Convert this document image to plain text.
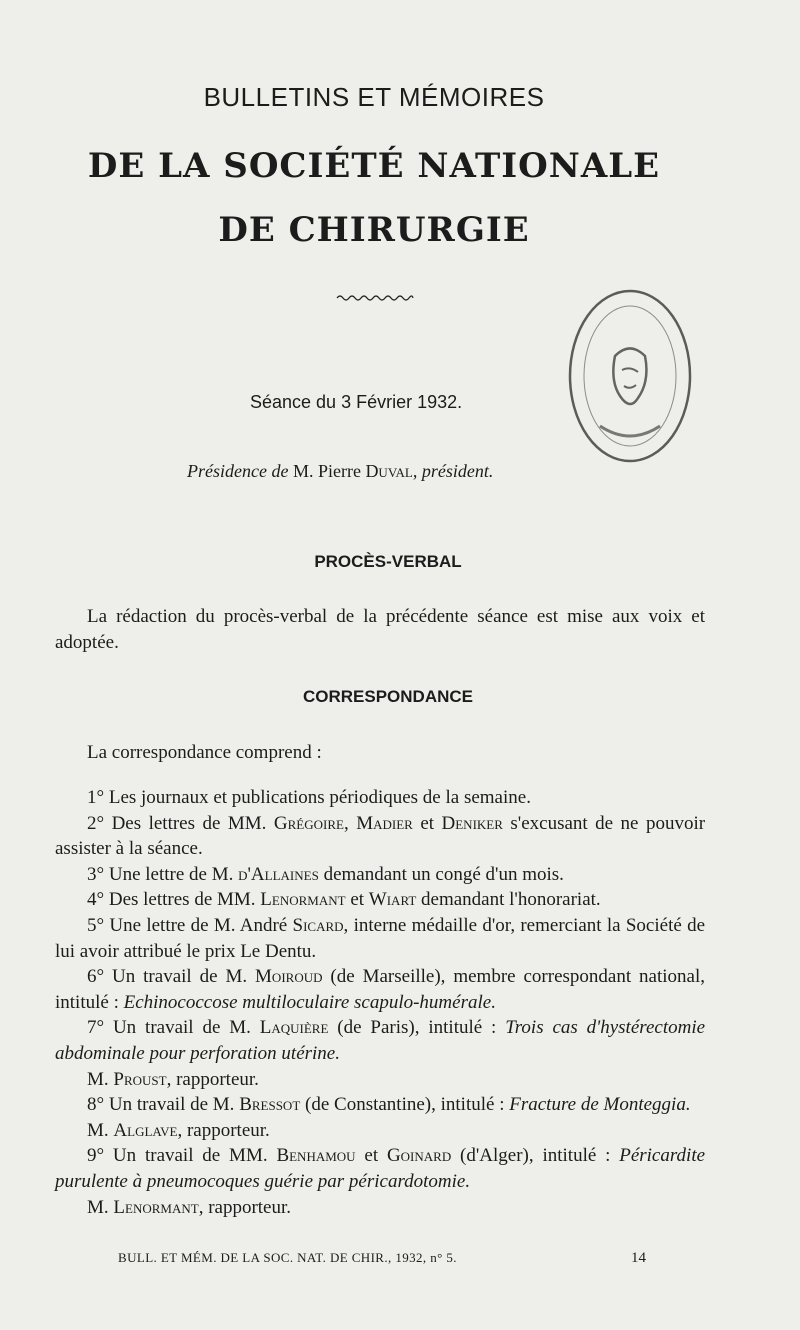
BULLETINS ET MÉMOIRES
DE LA SOCIÉTÉ NATIONALE
DE CHIRURGIE
Séance du 3 Février 1932.
Présidence de M. Pierre Duval, président.
PROCÈS-VERBAL

La rédaction du procès-verbal de la précédente séance est mise aux voix et adoptée.

CORRESPONDANCE

La correspondance comprend :

1° Les journaux et publications périodiques de la semaine.

2° Des lettres de MM. Grégoire, Madier et Deniker s'excusant de ne pouvoir assister à la séance.

3° Une lettre de M. d'Allaines demandant un congé d'un mois.

4° Des lettres de MM. Lenormant et Wiart demandant l'honorariat.

5° Une lettre de M. André Sicard, interne médaille d'or, remerciant la Société de lui avoir attribué le prix Le Dentu.

6° Un travail de M. Moiroud (de Marseille), membre correspondant national, intitulé : Echinococcose multiloculaire scapulo-humérale.

7° Un travail de M. Laquière (de Paris), intitulé : Trois cas d'hystérectomie abdominale pour perforation utérine.

M. Proust, rapporteur.

8° Un travail de M. Bressot (de Constantine), intitulé : Fracture de Monteggia.

M. Alglave, rapporteur.

9° Un travail de MM. Benhamou et Goinard (d'Alger), intitulé : Péricardite purulente à pneumocoques guérie par péricardotomie.

M. Lenormant, rapporteur.

BULL. ET MÉM. DE LA SOC. NAT. DE CHIR., 1932, n° 5.	14
